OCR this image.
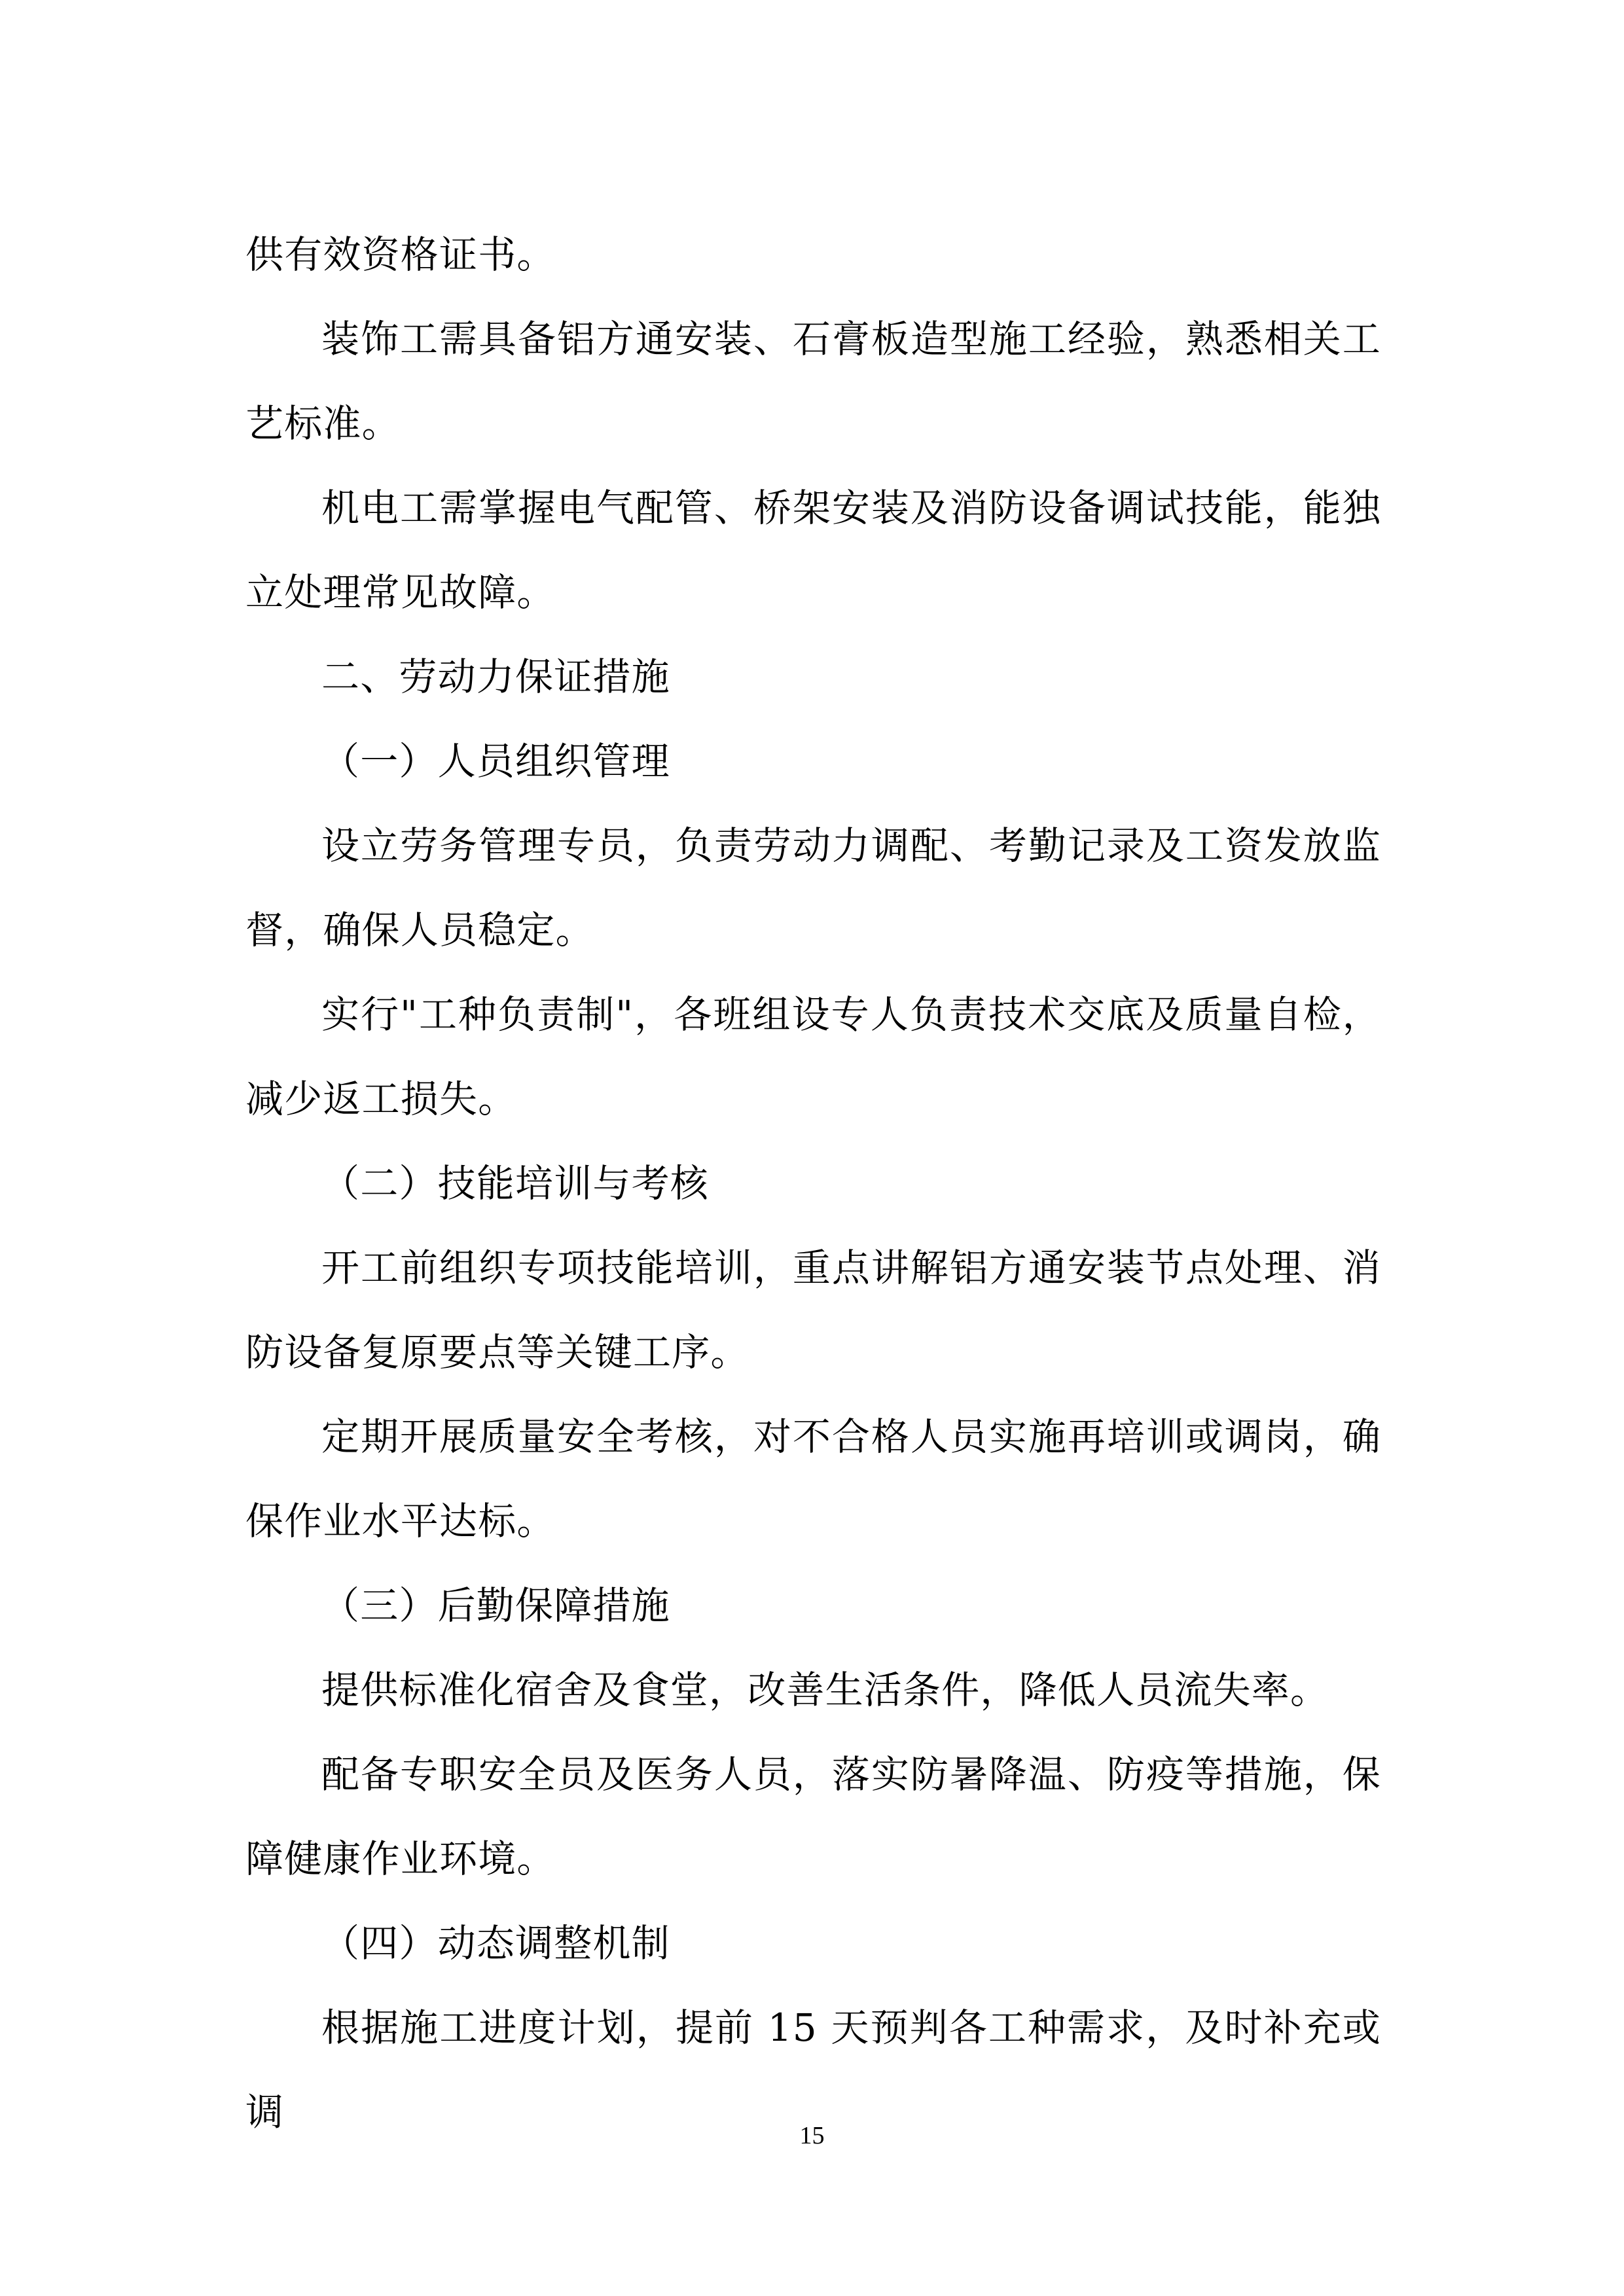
供有效资格证书。

装饰工需具备铝方通安装、石膏板造型施工经验，熟悉相关工艺标准。

机电工需掌握电气配管、桥架安装及消防设备调试技能，能独立处理常见故障。

二、劳动力保证措施

（一）人员组织管理

设立劳务管理专员，负责劳动力调配、考勤记录及工资发放监督，确保人员稳定。

实行"工种负责制"，各班组设专人负责技术交底及质量自检，减少返工损失。

（二）技能培训与考核

开工前组织专项技能培训，重点讲解铝方通安装节点处理、消防设备复原要点等关键工序。

定期开展质量安全考核，对不合格人员实施再培训或调岗，确保作业水平达标。

（三）后勤保障措施

提供标准化宿舍及食堂，改善生活条件，降低人员流失率。

配备专职安全员及医务人员，落实防暑降温、防疫等措施，保障健康作业环境。

（四）动态调整机制

根据施工进度计划，提前 15 天预判各工种需求，及时补充或调

15
